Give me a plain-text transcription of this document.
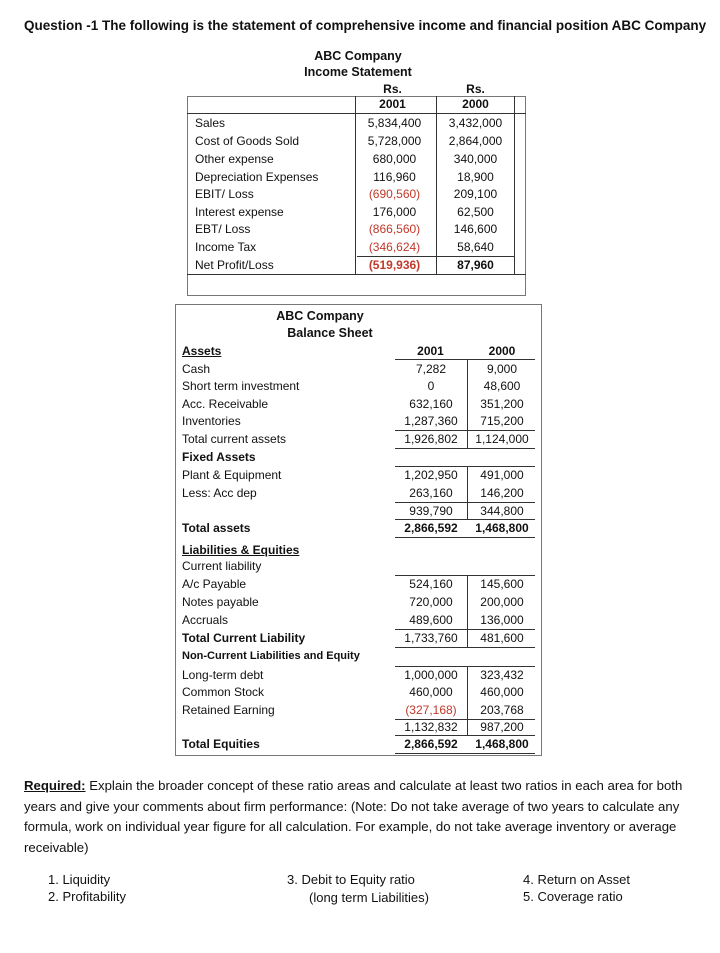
Question -1 The following is the statement of comprehensive income and financial position ABC Company
ABC Company
Income Statement
Rs.	Rs.
2001	2000
Sales	5,834,400	3,432,000
Cost of Goods Sold	5,728,000	2,864,000
Other expense	680,000	340,000
Depreciation Expenses	116,960	18,900
EBIT/ Loss	(690,560)	209,100
Interest expense	176,000	62,500
EBT/ Loss	(866,560)	146,600
Income Tax	(346,624)	58,640
Net Profit/Loss	(519,936)	87,960
ABC Company
Balance Sheet
Assets	2001	2000
Cash	7,282	9,000
Short term investment	0	48,600
Acc. Receivable	632,160	351,200
Inventories	1,287,360	715,200
Total current assets	1,926,802	1,124,000
Fixed Assets
Plant & Equipment	1,202,950	491,000
Less: Acc dep	263,160	146,200
939,790	344,800
Total assets	2,866,592	1,468,800
Liabilities & Equities
Current liability
A/c Payable	524,160	145,600
Notes payable	720,000	200,000
Accruals	489,600	136,000
Total Current Liability	1,733,760	481,600
Non-Current Liabilities and Equity
Long-term debt	1,000,000	323,432
Common Stock	460,000	460,000
Retained Earning	(327,168)	203,768
1,132,832	987,200
Total Equities	2,866,592	1,468,800
Required: Explain the broader concept of these ratio areas and calculate at least two ratios in each area for both years and give your comments about firm performance: (Note: Do not take average of two years to calculate any formula, work on individual year figure for all calculation. For example, do not take average inventory or average receivable)
1. Liquidity
2. Profitability
3. Debit to Equity ratio
(long term Liabilities)
4. Return on Asset
5. Coverage ratio
